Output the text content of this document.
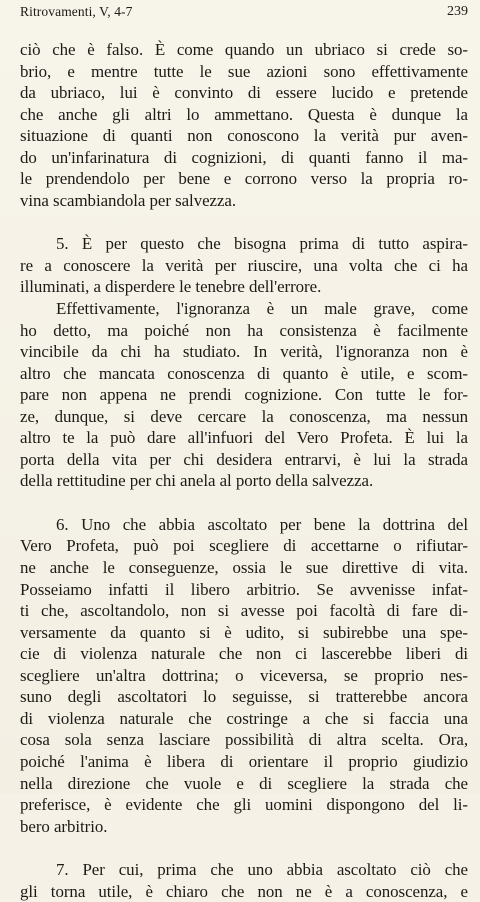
Ritrovamenti, V, 4-7	239
ciò che è falso. È come quando un ubriaco si crede so-
brio, e mentre tutte le sue azioni sono effettivamente
da ubriaco, lui è convinto di essere lucido e pretende
che anche gli altri lo ammettano. Questa è dunque la
situazione di quanti non conoscono la verità pur aven-
do un'infarinatura di cognizioni, di quanti fanno il ma-
le prendendolo per bene e corrono verso la propria ro-
vina scambiandola per salvezza.
5. È per questo che bisogna prima di tutto aspira-
re a conoscere la verità per riuscire, una volta che ci ha
illuminati, a disperdere le tenebre dell'errore.
Effettivamente, l'ignoranza è un male grave, come
ho detto, ma poiché non ha consistenza è facilmente
vincibile da chi ha studiato. In verità, l'ignoranza non è
altro che mancata conoscenza di quanto è utile, e scom-
pare non appena ne prendi cognizione. Con tutte le for-
ze, dunque, si deve cercare la conoscenza, ma nessun
altro te la può dare all'infuori del Vero Profeta. È lui la
porta della vita per chi desidera entrarvi, è lui la strada
della rettitudine per chi anela al porto della salvezza.
6. Uno che abbia ascoltato per bene la dottrina del
Vero Profeta, può poi scegliere di accettarne o rifiutar-
ne anche le conseguenze, ossia le sue direttive di vita.
Posseiamo infatti il libero arbitrio. Se avvenisse infat-
ti che, ascoltandolo, non si avesse poi facoltà di fare di-
versamente da quanto si è udito, si subirebbe una spe-
cie di violenza naturale che non ci lascerebbe liberi di
scegliere un'altra dottrina; o viceversa, se proprio nes-
suno degli ascoltatori lo seguisse, si tratterebbe ancora
di violenza naturale che costringe a che si faccia una
cosa sola senza lasciare possibilità di altra scelta. Ora,
poiché l'anima è libera di orientare il proprio giudizio
nella direzione che vuole e di scegliere la strada che
preferisce, è evidente che gli uomini dispongono del li-
bero arbitrio.
7. Per cui, prima che uno abbia ascoltato ciò che
gli torna utile, è chiaro che non ne è a conoscenza, e
